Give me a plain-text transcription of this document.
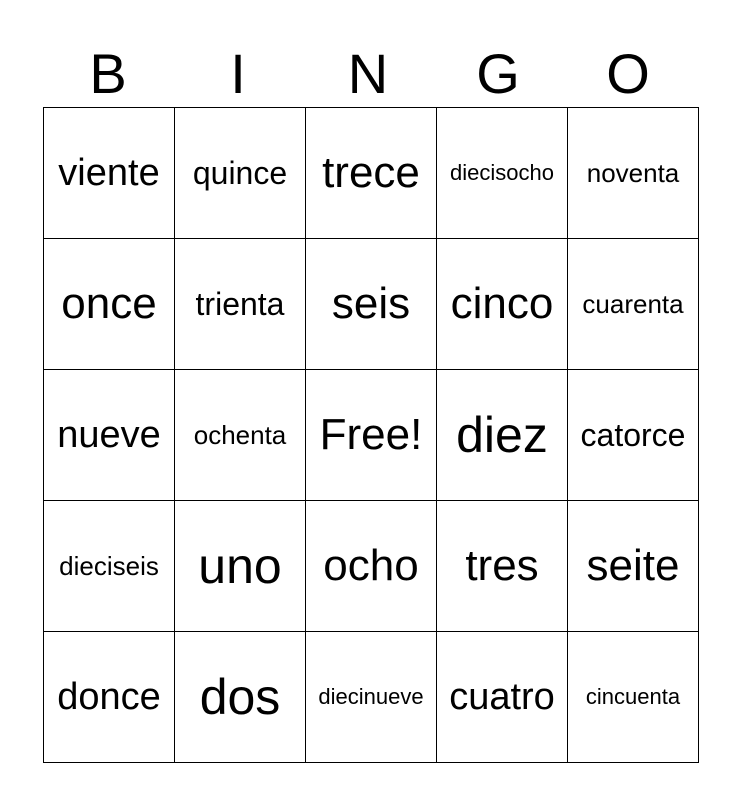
B	I	N	G	O
viente	quince	trece	diecisocho	noventa
once	trienta	seis	cinco	cuarenta
nueve	ochenta	Free!	diez	catorce
dieciseis	uno	ocho	tres	seite
donce	dos	diecinueve	cuatro	cincuenta
